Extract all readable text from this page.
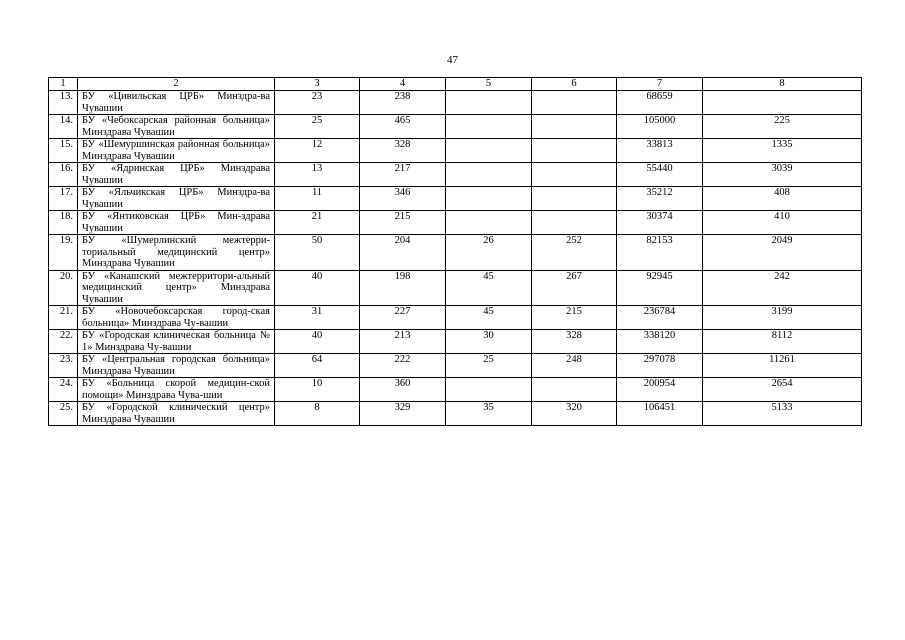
47
1	2	3	4	5	6	7	8
13.	БУ «Цивильская ЦРБ» Минздра-ва Чувашии	23	238			68659	
14.	БУ «Чебоксарская районная больница» Минздрава Чувашии	25	465			105000	225
15.	БУ «Шемуршинская районная больница» Минздрава Чувашии	12	328			33813	1335
16.	БУ «Ядринская ЦРБ» Минздрава Чувашии	13	217			55440	3039
17.	БУ «Яльчикская ЦРБ» Минздра-ва Чувашии	11	346			35212	408
18.	БУ «Янтиковская ЦРБ» Мин-здрава Чувашии	21	215			30374	410
19.	БУ «Шумерлинский межтерри-ториальный медицинский центр» Минздрава Чувашии	50	204	26	252	82153	2049
20.	БУ «Канашский межтерритори-альный медицинский центр» Минздрава Чувашии	40	198	45	267	92945	242
21.	БУ «Новочебоксарская город-ская больница» Минздрава Чу-вашии	31	227	45	215	236784	3199
22.	БУ «Городская клиническая больница № 1» Минздрава Чу-вашии	40	213	30	328	338120	8112
23.	БУ «Центральная городская больница» Минздрава Чувашии	64	222	25	248	297078	11261
24.	БУ «Больница скорой медицин-ской помощи» Минздрава Чува-шии	10	360			200954	2654
25.	БУ «Городской клинический центр» Минздрава Чувашии	8	329	35	320	106451	5133
